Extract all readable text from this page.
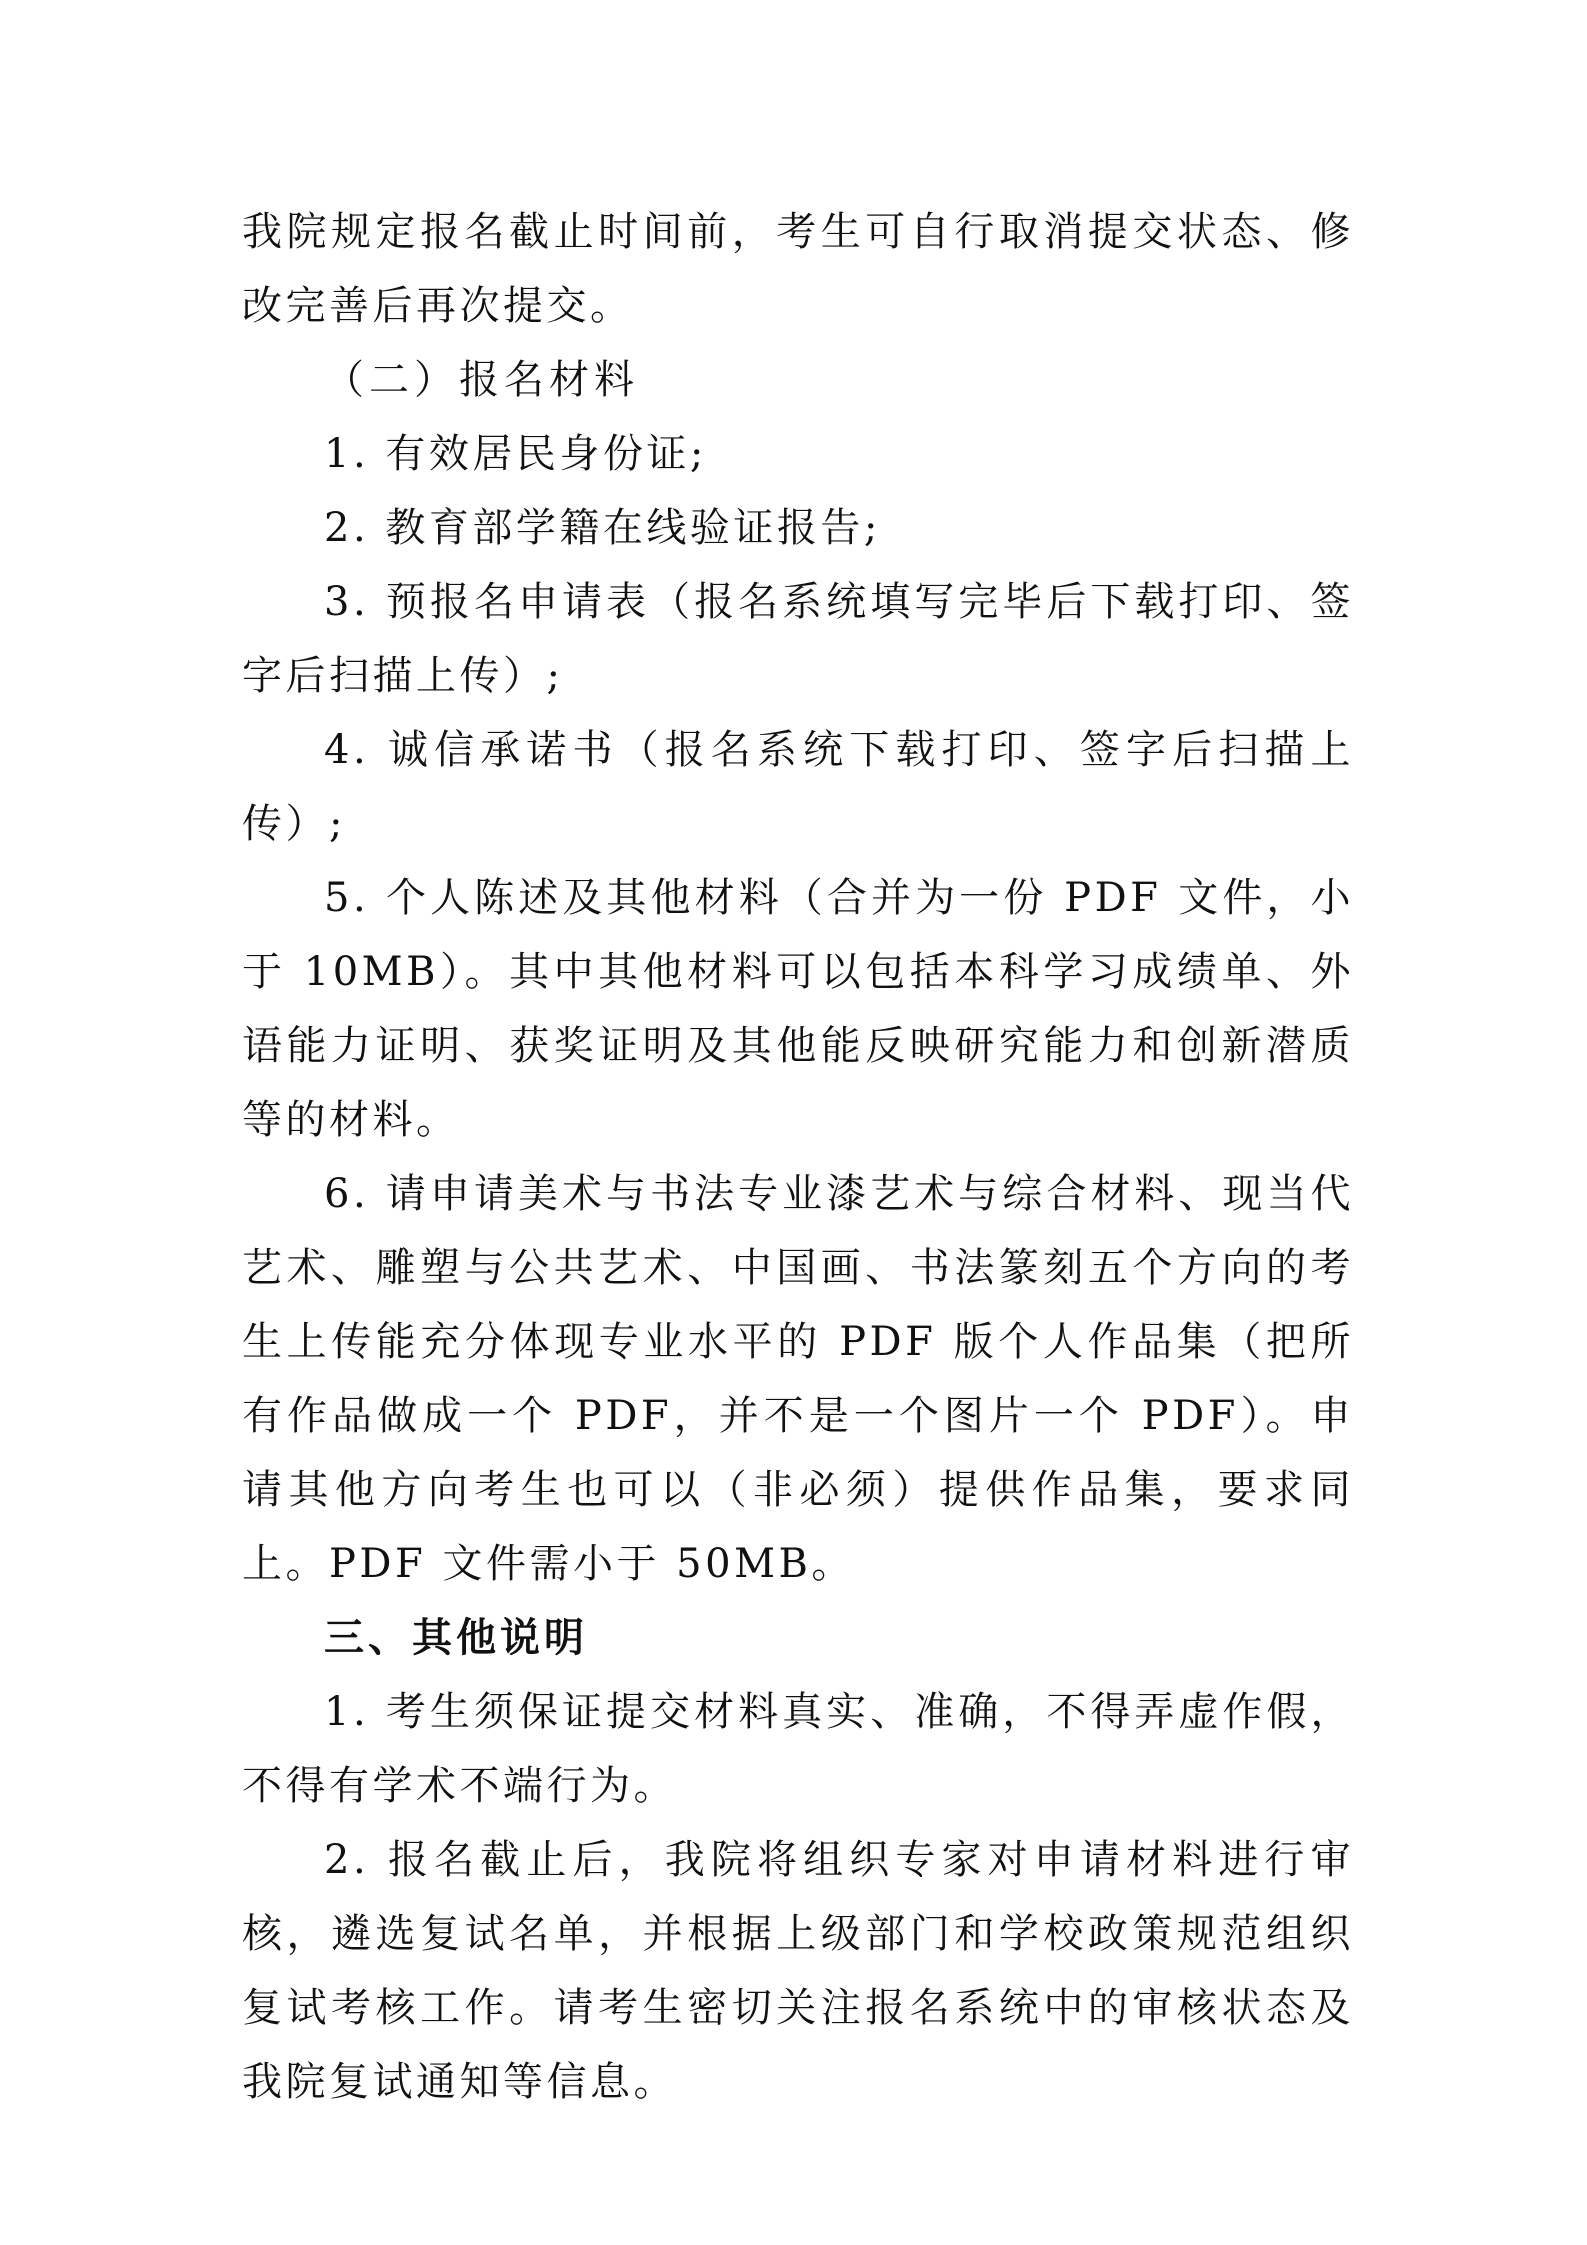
我院规定报名截止时间前，考生可自行取消提交状态、修改完善后再次提交。

（二）报名材料

1. 有效居民身份证;

2. 教育部学籍在线验证报告;

3. 预报名申请表（报名系统填写完毕后下载打印、签字后扫描上传）;

4. 诚信承诺书（报名系统下载打印、签字后扫描上传）;

5. 个人陈述及其他材料（合并为一份 PDF 文件，小于 10MB）。其中其他材料可以包括本科学习成绩单、外语能力证明、获奖证明及其他能反映研究能力和创新潜质等的材料。

6. 请申请美术与书法专业漆艺术与综合材料、现当代艺术、雕塑与公共艺术、中国画、书法篆刻五个方向的考生上传能充分体现专业水平的 PDF 版个人作品集（把所有作品做成一个 PDF，并不是一个图片一个 PDF）。申请其他方向考生也可以（非必须）提供作品集，要求同上。PDF 文件需小于 50MB。

三、其他说明

1. 考生须保证提交材料真实、准确，不得弄虚作假，不得有学术不端行为。

2. 报名截止后，我院将组织专家对申请材料进行审核，遴选复试名单，并根据上级部门和学校政策规范组织复试考核工作。请考生密切关注报名系统中的审核状态及我院复试通知等信息。
